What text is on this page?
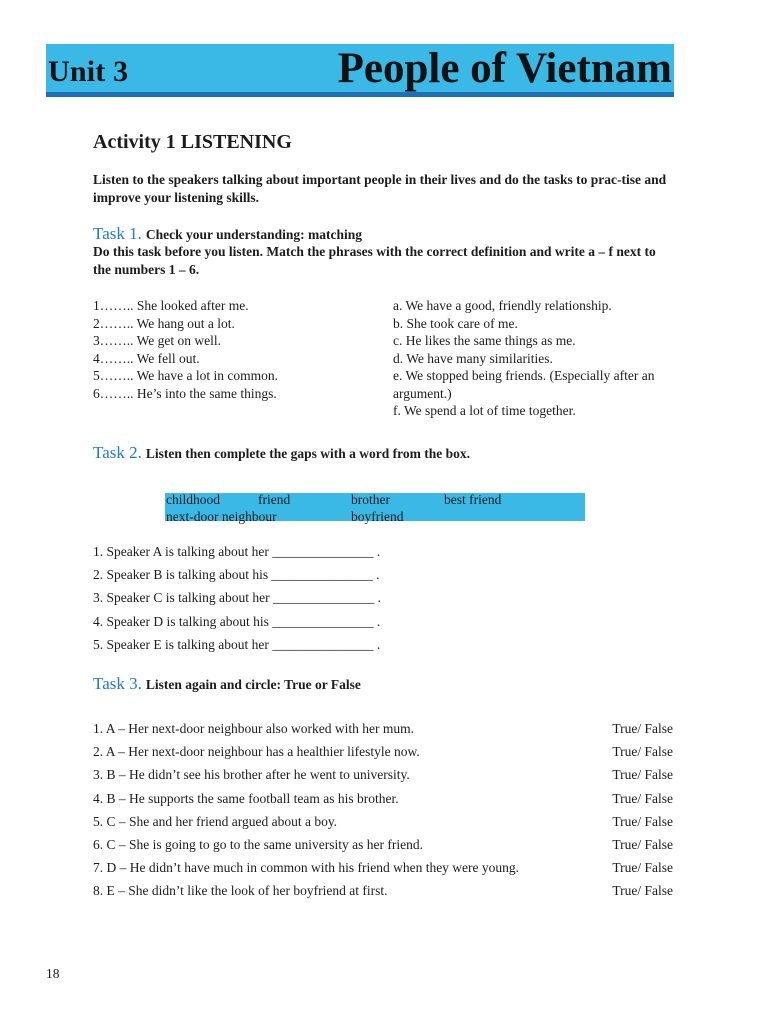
Unit 3	People of Vietnam
Activity 1 LISTENING
Listen to the speakers talking about important people in their lives and do the tasks to prac-tise and improve your listening skills.
Task 1. Check your understanding: matching
Do this task before you listen. Match the phrases with the correct definition and write a – f next to the numbers 1 – 6.
1…….. She looked after me.
2…….. We hang out a lot.
3…….. We get on well.
4…….. We fell out.
5…….. We have a lot in common.
6…….. He’s into the same things.
a. We have a good, friendly relationship.
b. She took care of me.
c. He likes the same things as me.
d. We have many similarities.
e. We stopped being friends. (Especially after an argument.)
f. We spend a lot of time together.
Task 2. Listen then complete the gaps with a word from the box.
childhood	friend	brother	best friend
next-door neighbour	boyfriend
1. Speaker A is talking about her _______________ .
2. Speaker B is talking about his _______________ .
3. Speaker C is talking about her _______________ .
4. Speaker D is talking about his _______________ .
5. Speaker E is talking about her _______________ .
Task 3. Listen again and circle: True or False
1. A – Her next-door neighbour also worked with her mum.	True/ False
2. A – Her next-door neighbour has a healthier lifestyle now.	True/ False
3. B – He didn’t see his brother after he went to university.	True/ False
4. B – He supports the same football team as his brother.	True/ False
5. C – She and her friend argued about a boy.	True/ False
6. C – She is going to go to the same university as her friend.	True/ False
7. D – He didn’t have much in common with his friend when they were young.	True/ False
8. E – She didn’t like the look of her boyfriend at first.	True/ False
18
